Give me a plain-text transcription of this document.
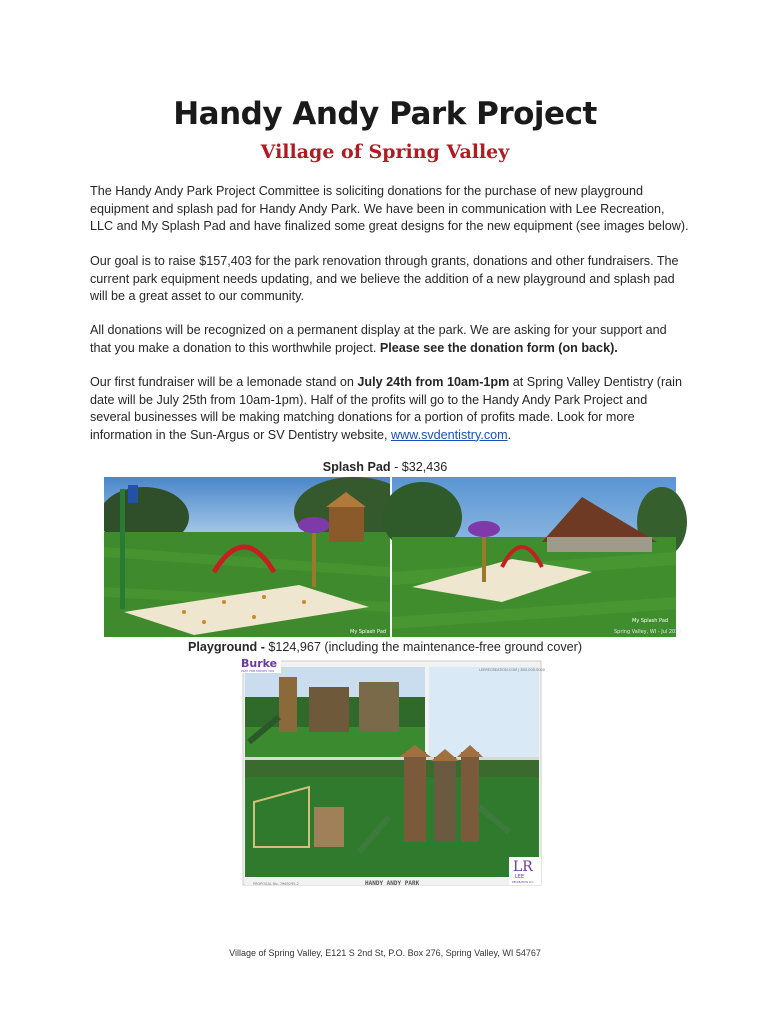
Handy Andy Park Project
Village of Spring Valley
The Handy Andy Park Project Committee is soliciting donations for the purchase of new playground equipment and splash pad for Handy Andy Park. We have been in communication with Lee Recreation, LLC and My Splash Pad and have finalized some great designs for the new equipment (see images below).
Our goal is to raise $157,403 for the park renovation through grants, donations and other fundraisers. The current park equipment needs updating, and we believe the addition of a new playground and splash pad will be a great asset to our community.
All donations will be recognized on a permanent display at the park. We are asking for your support and that you make a donation to this worthwhile project. Please see the donation form (on back).
Our first fundraiser will be a lemonade stand on July 24th from 10am-1pm at Spring Valley Dentistry (rain date will be July 25th from 10am-1pm). Half of the profits will go to the Handy Andy Park Project and several businesses will be making matching donations for a portion of profits made. Look for more information in the Sun-Argus or SV Dentistry website, www.svdentistry.com.
Splash Pad - $32,436
My Splash Pad
My Splash Pad
Spring Valley, WI - Jul 2020
Playground - $124,967 (including the maintenance-free ground cover)
Burke
PLAY FOR MOVES YOU	LEERECREATION.COM | 800.000.0000
HANDY ANDY PARK
PROPOSAL No. 7969295-2
LR
LEE
RECREATION LLC
Village of Spring Valley, E121 S 2nd St, P.O. Box 276, Spring Valley, WI 54767
